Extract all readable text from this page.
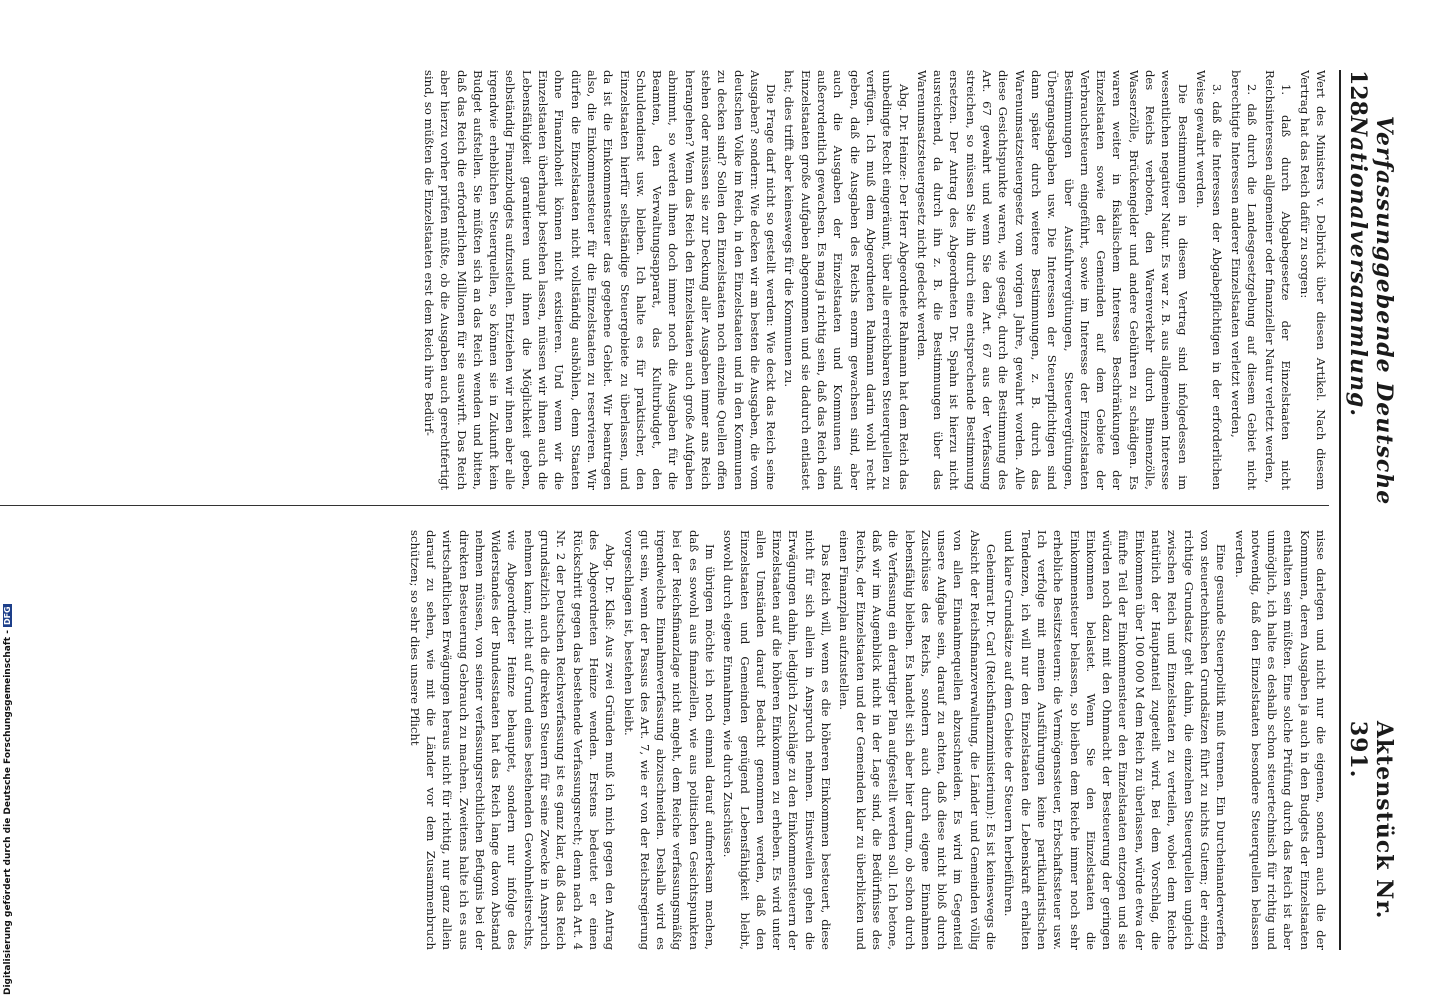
128
Verfassunggebende Deutsche Nationalversammlung.
Aktenstück Nr. 391.

Wert des Ministers v. Delbrück über diesen Artikel. Nach diesem Vertrag hat das Reich dafür zu sorgen:

1. daß durch Abgabegesetze der Einzelstaaten nicht Reichsinteressen allgemeiner oder finanzieller Natur verletzt werden,

2. daß durch die Landesgesetzgebung auf diesem Gebiet nicht berechtigte Interessen anderer Einzelstaaten verletzt werden,

3. daß die Interessen der Abgabepflichtigen in der erforderlichen Weise gewahrt werden.

Die Bestimmungen in diesem Vertrag sind infolgedessen im wesentlichen negativer Natur. Es war z. B. aus allgemeinem Interesse des Reichs verboten, den Warenverkehr durch Binnenzölle, Wasserzölle, Brückengelder und andere Gebühren zu schädigen. Es waren weiter in fiskalischem Interesse Beschränkungen der Einzelstaaten sowie der Gemeinden auf dem Gebiete der Verbrauchsteuern eingeführt, sowie im Interesse der Einzelstaaten Bestimmungen über Ausfuhrvergütungen, Steuervergütungen, Übergangsabgaben usw. Die Interessen der Steuerpflichtigen sind dann später durch weitere Bestimmungen, z. B. durch das Warenumsatzsteuergesetz vom vorigen Jahre, gewahrt worden. Alle diese Gesichtspunkte waren, wie gesagt, durch die Bestimmung des Art. 67 gewahrt und wenn Sie den Art. 67 aus der Verfassung streichen, so müssen Sie ihn durch eine entsprechende Bestimmung ersetzen. Der Antrag des Abgeordneten Dr. Spahn ist hierzu nicht ausreichend, da durch ihn z. B. die Bestimmungen über das Warenumsatzsteuergesetz nicht gedeckt werden.

Abg. Dr. Heinze: Der Herr Abgeordnete Rahmann hat dem Reich das unbedingte Recht eingeräumt, über alle erreichbaren Steuerquellen zu verfügen. Ich muß dem Abgeordneten Rahmann darin wohl recht geben, daß die Ausgaben des Reichs enorm gewachsen sind, aber auch die Ausgaben der Einzelstaaten und Kommunen sind außerordentlich gewachsen. Es mag ja richtig sein, daß das Reich den Einzelstaaten große Aufgaben abgenommen und sie dadurch entlastet hat; dies trifft aber keineswegs für die Kommunen zu.

Die Frage darf nicht so gestellt werden: Wie deckt das Reich seine Ausgaben? sondern: Wie decken wir am besten die Ausgaben, die vom deutschen Volke im Reich, in den Einzelstaaten und in den Kommunen zu decken sind? Sollen den Einzelstaaten noch einzelne Quellen offen stehen oder müssen sie zur Deckung aller Ausgaben immer ans Reich herangehen? Wenn das Reich den Einzelstaaten auch große Aufgaben abnimmt, so werden ihnen doch immer noch die Ausgaben für die Beamten, den Verwaltungsapparat, das Kulturbudget, den Schuldendienst usw. bleiben. Ich halte es für praktischer, den Einzelstaaten hierfür selbständige Steuergebiete zu überlassen, und da ist die Einkommensteuer das gegebene Gebiet. Wir beantragen also, die Einkommensteuer für die Einzelstaaten zu reservieren. Wir dürfen die Einzelstaaten nicht vollständig aushöhlen, denn Staaten ohne Finanzhoheit können nicht existieren. Und wenn wir die Einzelstaaten überhaupt bestehen lassen, müssen wir ihnen auch die Lebensfähigkeit garantieren und ihnen die Möglichkeit geben, selbständig Finanzbudgets aufzustellen. Entziehen wir ihnen aber alle irgendwie erheblichen Steuerquellen, so können sie in Zukunft kein Budget aufstellen. Sie müßten sich an das Reich wenden und bitten, daß das Reich die erforderlichen Millionen für sie auswirft. Das Reich aber hierzu vorher prüfen müßte, ob die Ausgaben auch gerechtfertigt sind, so müßten die Einzelstaaten erst dem Reich ihre Bedürf-

nisse darlegen und nicht nur die eigenen, sondern auch die der Kommunen, deren Ausgaben ja auch in den Budgets der Einzelstaaten enthalten sein müßten. Eine solche Prüfung durch das Reich ist aber unmöglich, ich halte es deshalb schon steuertechnisch für richtig und notwendig, daß den Einzelstaaten besondere Steuerquellen belassen werden.

Eine gesunde Steuerpolitik muß trennen. Ein Durcheinanderwerfen von steuertechnischen Grundsätzen führt zu nichts Gutem; der einzig richtige Grundsatz geht dahin, die einzelnen Steuerquellen ungleich zwischen Reich und Einzelstaaten zu verteilen, wobei dem Reiche natürlich der Hauptanteil zugeteilt wird. Bei dem Vorschlag, die Einkommen über 100 000 M dem Reich zu überlassen, würde etwa der fünfte Teil der Einkommensteuer den Einzelstaaten entzogen und sie würden noch dazu mit den Ohnmacht der Besteuerung der geringen Einkommen belastet. Wenn Sie den Einzelstaaten die Einkommensteuer belassen, so bleiben dem Reiche immer noch sehr erhebliche Besitzsteuern: die Vermögenssteuer, Erbschaftssteuer usw. Ich verfolge mit meinen Ausführungen keine partikularistischen Tendenzen, ich will nur den Einzelstaaten die Lebenskraft erhalten und klare Grundsätze auf dem Gebiete der Steuern herbeiführen.

Geheimrat Dr. Carl (Reichsfinanzministerium): Es ist keineswegs die Absicht der Reichsfinanzverwaltung, die Länder und Gemeinden völlig von allen Einnahmequellen abzuschneiden. Es wird im Gegenteil unsere Aufgabe sein, darauf zu achten, daß diese nicht bloß durch Zuschüsse des Reichs, sondern auch durch eigene Einnahmen lebensfähig bleiben. Es handelt sich aber hier darum, ob schon durch die Verfassung ein derartiger Plan aufgestellt werden soll. Ich betone, daß wir im Augenblick nicht in der Lage sind, die Bedürfnisse des Reichs, der Einzelstaaten und der Gemeinden klar zu überblicken und einen Finanzplan aufzustellen.

Das Reich will, wenn es die höheren Einkommen besteuert, diese nicht für sich allein in Anspruch nehmen. Einstweilen gehen die Erwägungen dahin, lediglich Zuschläge zu den Einkommensteuern der Einzelstaaten auf die höheren Einkommen zu erheben. Es wird unter allen Umständen darauf Bedacht genommen werden, daß den Einzelstaaten und Gemeinden genügend Lebensfähigkeit bleibt, sowohl durch eigene Einnahmen, wie durch Zuschüsse.

Im übrigen möchte ich noch einmal darauf aufmerksam machen, daß es sowohl aus finanziellen, wie aus politischen Gesichtspunkten bei der Reichsfinanzlage nicht angeht, dem Reiche verfassungsmäßig irgendwelche Einnahmeverfassung abzuschneiden. Deshalb wird es gut sein, wenn der Passus des Art. 7, wie er von der Reichsregierung vorgeschlagen ist, bestehen bleibt.

Abg. Dr. Klaß: Aus zwei Gründen muß ich mich gegen den Antrag des Abgeordneten Heinze wenden. Erstens bedeutet er einen Rückschritt gegen das bestehende Verfassungsrecht; denn nach Art. 4 Nr. 2 der Deutschen Reichsverfassung ist es ganz klar, daß das Reich grundsätzlich auch die direkten Steuern für seine Zwecke in Anspruch nehmen kann; nicht auf Grund eines bestehenden Gewohnheitsrechts, wie Abgeordneter Heinze behauptet, sondern nur infolge des Widerstandes der Bundesstaaten hat das Reich lange davon Abstand nehmen müssen, von seiner verfassungsrechtlichen Befugnis bei der direkten Besteuerung Gebrauch zu machen. Zweitens halte ich es aus wirtschaftlichen Erwägungen heraus nicht für richtig, nur ganz allein darauf zu sehen, wie mit die Länder vor dem Zusammenbruch schützen; so sehr dies unsere Pflicht

Digitalisierung gefördert durch die Deutsche Forschungsgemeinschaft -DFG
